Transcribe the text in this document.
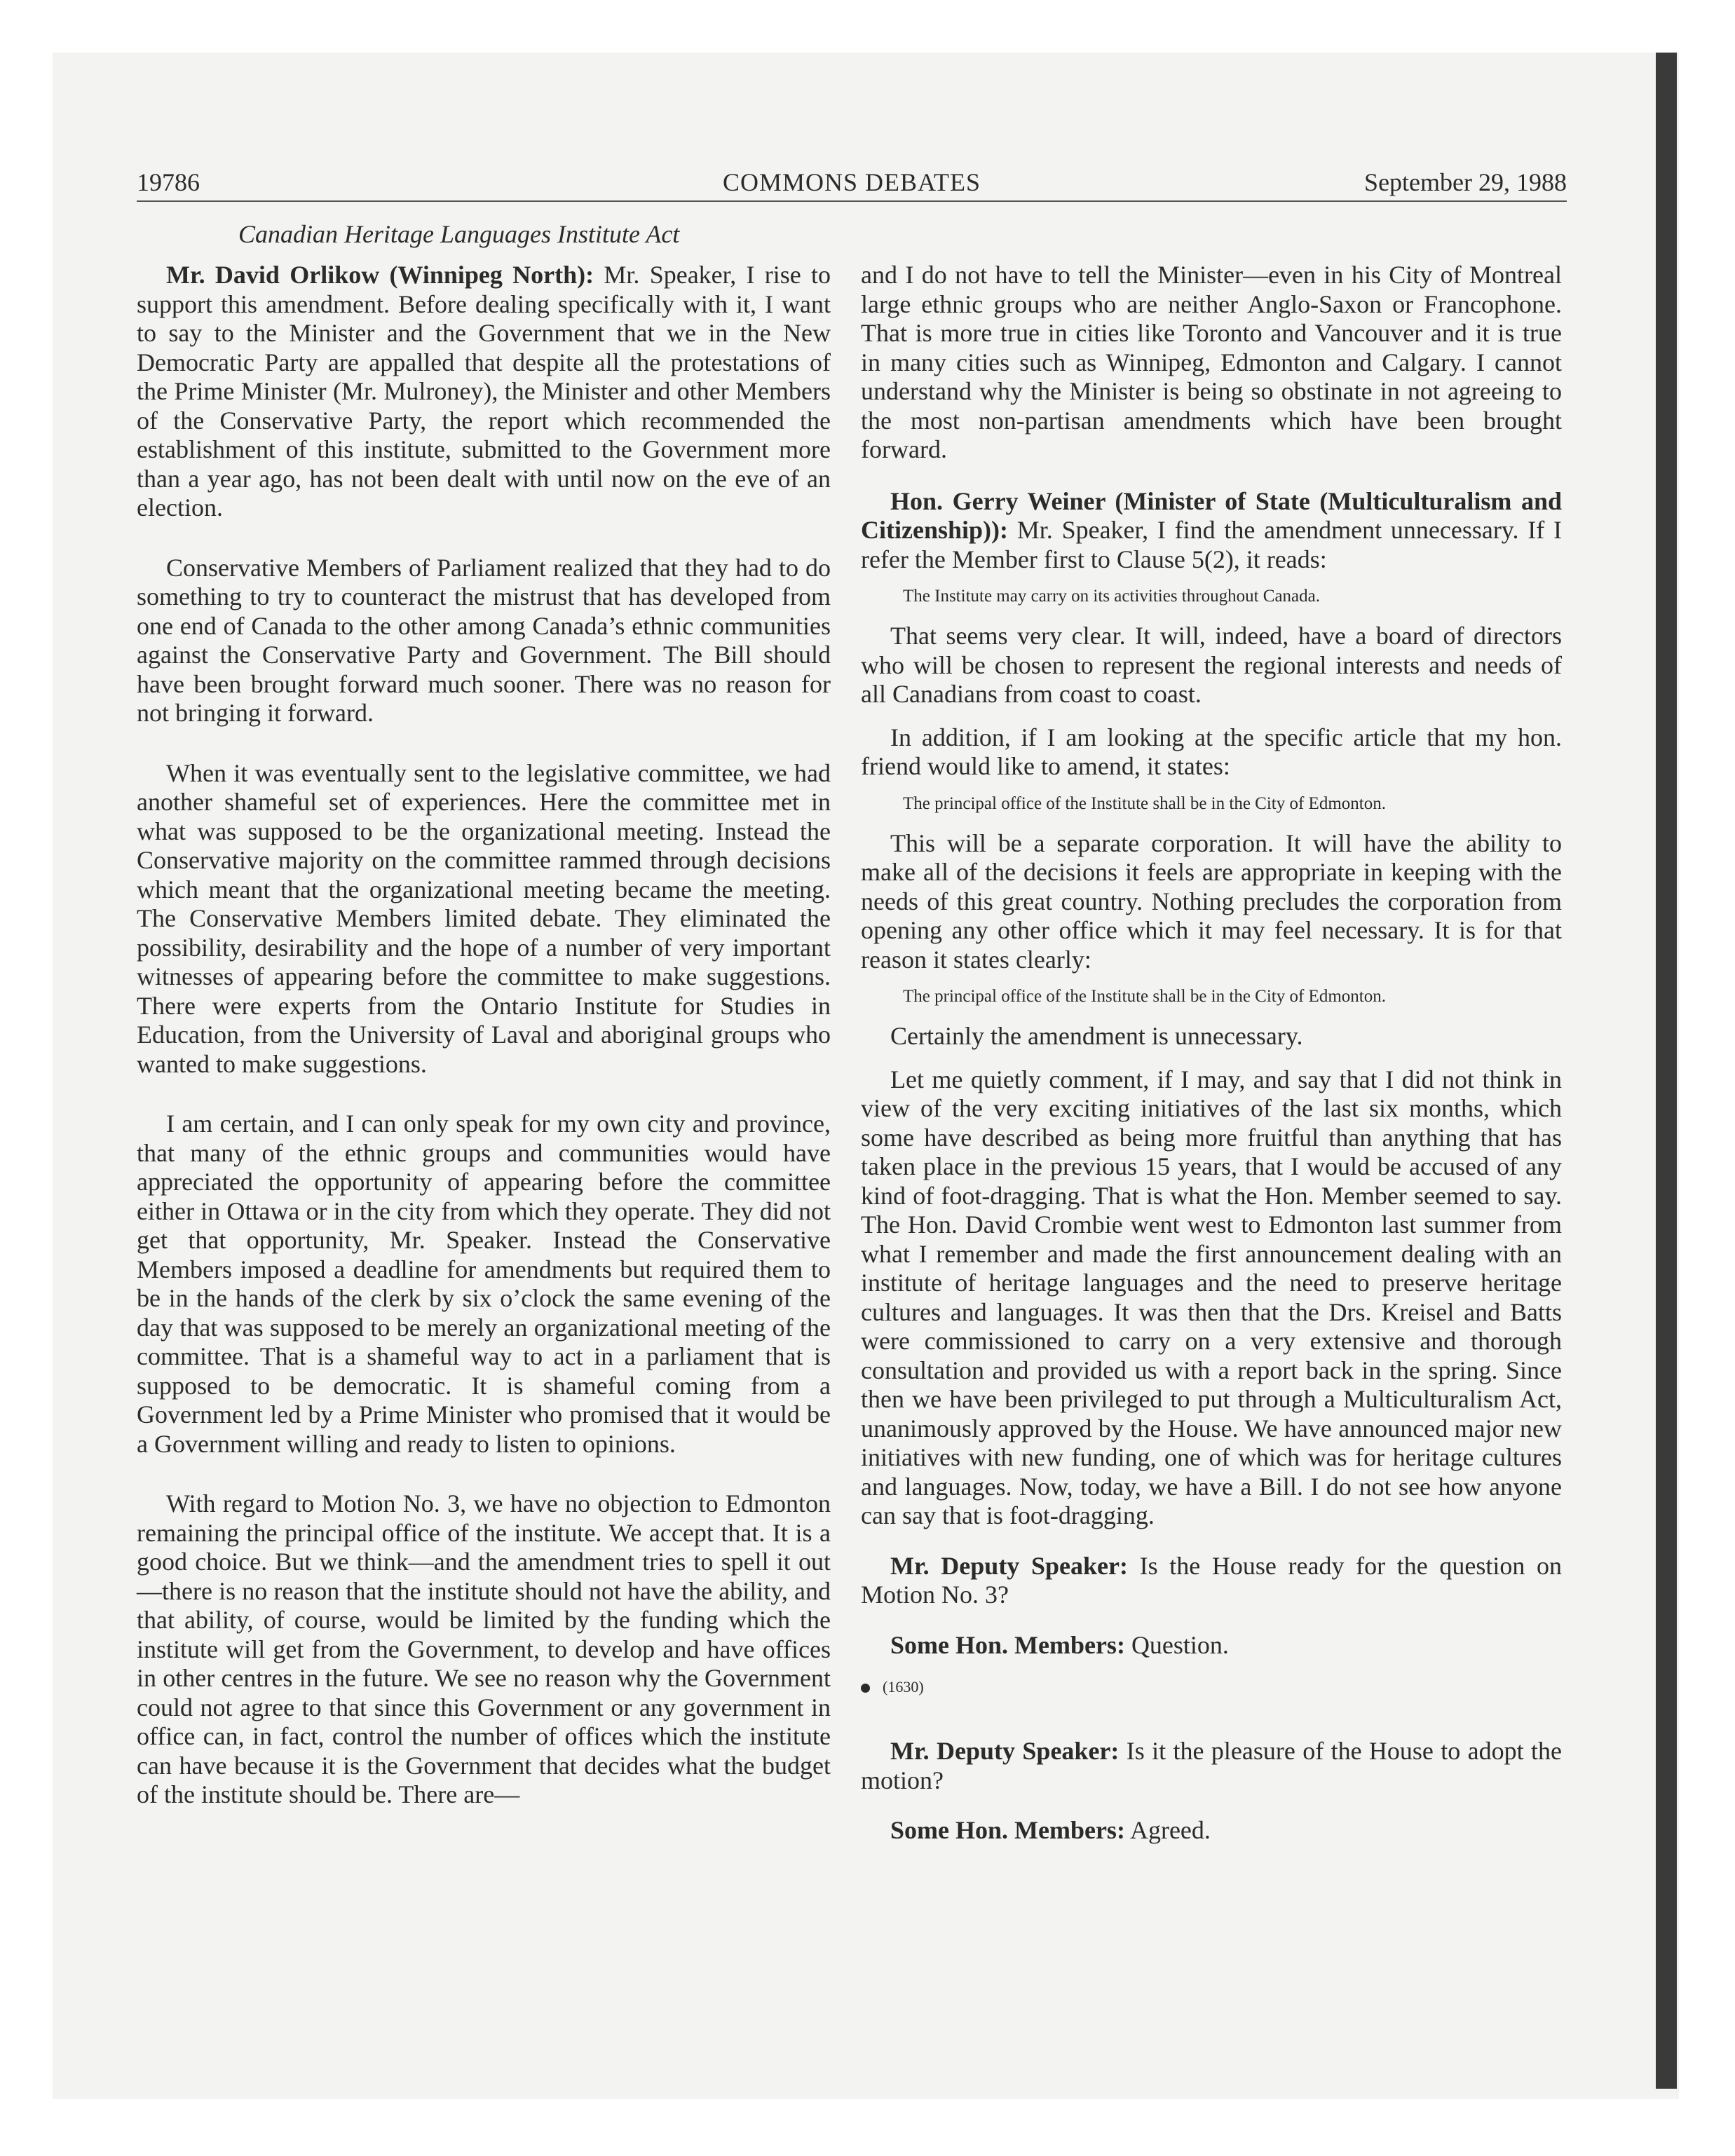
19786	COMMONS DEBATES	September 29, 1988
Canadian Heritage Languages Institute Act

Mr. David Orlikow (Winnipeg North): Mr. Speaker, I rise to support this amendment. Before dealing specifically with it, I want to say to the Minister and the Government that we in the New Democratic Party are appalled that despite all the protestations of the Prime Minister (Mr. Mulroney), the Minister and other Members of the Conservative Party, the report which recommended the establishment of this institute, submitted to the Government more than a year ago, has not been dealt with until now on the eve of an election.

Conservative Members of Parliament realized that they had to do something to try to counteract the mistrust that has developed from one end of Canada to the other among Canada’s ethnic communities against the Conservative Party and Government. The Bill should have been brought forward much sooner. There was no reason for not bringing it forward.

When it was eventually sent to the legislative committee, we had another shameful set of experiences. Here the committee met in what was supposed to be the organizational meeting. Instead the Conservative majority on the committee rammed through decisions which meant that the organizational meeting became the meeting. The Conservative Members limited debate. They eliminated the possibility, desirability and the hope of a number of very important witnesses of appearing before the committee to make suggestions. There were experts from the Ontario Institute for Studies in Education, from the University of Laval and aboriginal groups who wanted to make suggestions.

I am certain, and I can only speak for my own city and province, that many of the ethnic groups and communities would have appreciated the opportunity of appearing before the committee either in Ottawa or in the city from which they operate. They did not get that opportunity, Mr. Speaker. Instead the Conservative Members imposed a deadline for amendments but required them to be in the hands of the clerk by six o’clock the same evening of the day that was supposed to be merely an organizational meeting of the committee. That is a shameful way to act in a parliament that is supposed to be democratic. It is shameful coming from a Government led by a Prime Minister who promised that it would be a Government willing and ready to listen to opinions.

With regard to Motion No. 3, we have no objection to Edmonton remaining the principal office of the institute. We accept that. It is a good choice. But we think—and the amendment tries to spell it out—there is no reason that the institute should not have the ability, and that ability, of course, would be limited by the funding which the institute will get from the Government, to develop and have offices in other centres in the future. We see no reason why the Government could not agree to that since this Government or any government in office can, in fact, control the number of offices which the institute can have because it is the Government that decides what the budget of the institute should be. There are—

and I do not have to tell the Minister—even in his City of Montreal large ethnic groups who are neither Anglo-Saxon or Francophone. That is more true in cities like Toronto and Vancouver and it is true in many cities such as Winnipeg, Edmonton and Calgary. I cannot understand why the Minister is being so obstinate in not agreeing to the most non-partisan amendments which have been brought forward.

Hon. Gerry Weiner (Minister of State (Multiculturalism and Citizenship)): Mr. Speaker, I find the amendment unnecessary. If I refer the Member first to Clause 5(2), it reads:

The Institute may carry on its activities throughout Canada.

That seems very clear. It will, indeed, have a board of directors who will be chosen to represent the regional interests and needs of all Canadians from coast to coast.

In addition, if I am looking at the specific article that my hon. friend would like to amend, it states:

The principal office of the Institute shall be in the City of Edmonton.

This will be a separate corporation. It will have the ability to make all of the decisions it feels are appropriate in keeping with the needs of this great country. Nothing precludes the corporation from opening any other office which it may feel necessary. It is for that reason it states clearly:

The principal office of the Institute shall be in the City of Edmonton.

Certainly the amendment is unnecessary.

Let me quietly comment, if I may, and say that I did not think in view of the very exciting initiatives of the last six months, which some have described as being more fruitful than anything that has taken place in the previous 15 years, that I would be accused of any kind of foot-dragging. That is what the Hon. Member seemed to say. The Hon. David Crombie went west to Edmonton last summer from what I remember and made the first announcement dealing with an institute of heritage languages and the need to preserve heritage cultures and languages. It was then that the Drs. Kreisel and Batts were commissioned to carry on a very extensive and thorough consultation and provided us with a report back in the spring. Since then we have been privileged to put through a Multiculturalism Act, unanimously approved by the House. We have announced major new initiatives with new funding, one of which was for heritage cultures and languages. Now, today, we have a Bill. I do not see how anyone can say that is foot-dragging.

Mr. Deputy Speaker: Is the House ready for the question on Motion No. 3?

Some Hon. Members: Question.

(1630)

Mr. Deputy Speaker: Is it the pleasure of the House to adopt the motion?

Some Hon. Members: Agreed.
